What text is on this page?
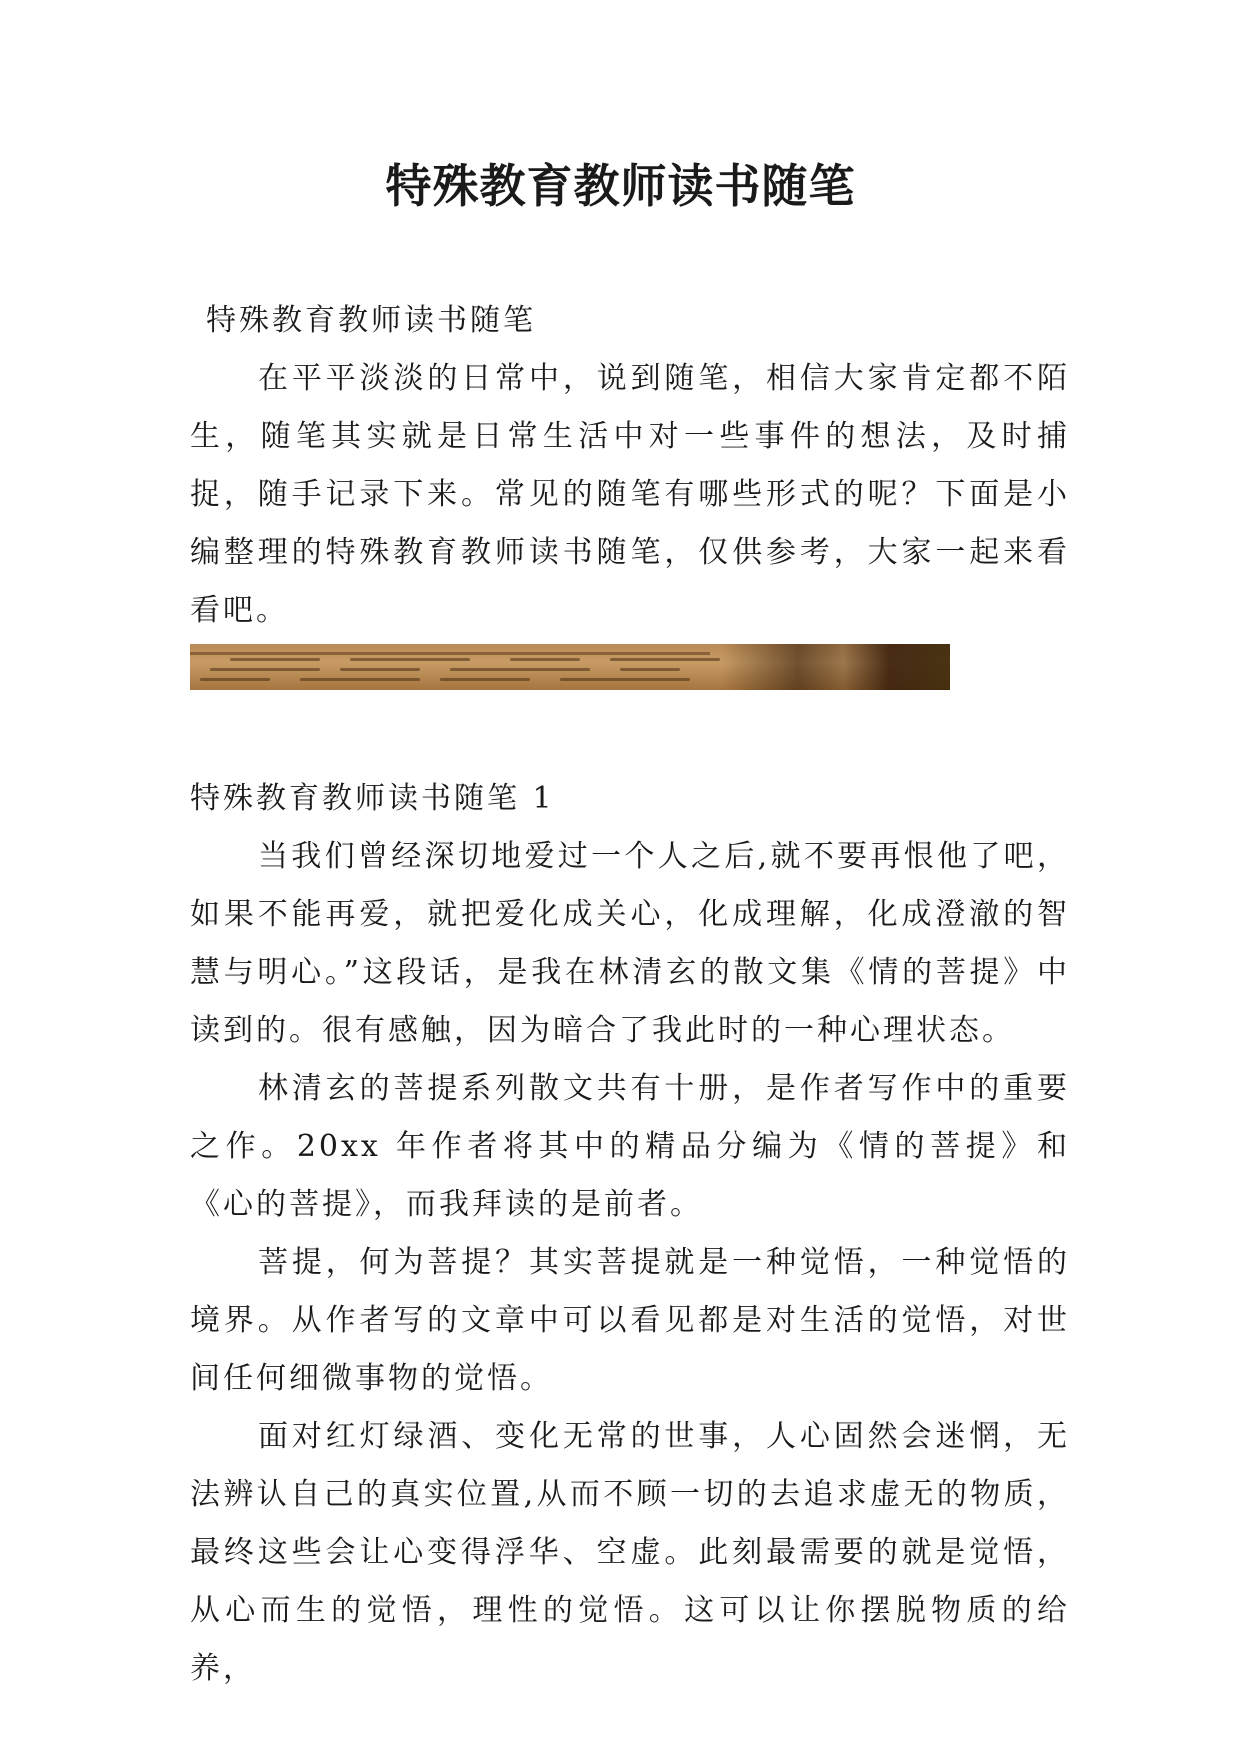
特殊教育教师读书随笔

特殊教育教师读书随笔

在平平淡淡的日常中，说到随笔，相信大家肯定都不陌生，随笔其实就是日常生活中对一些事件的想法，及时捕捉，随手记录下来。常见的随笔有哪些形式的呢？下面是小编整理的特殊教育教师读书随笔，仅供参考，大家一起来看看吧。

特殊教育教师读书随笔 1

当我们曾经深切地爱过一个人之后,就不要再恨他了吧，如果不能再爱，就把爱化成关心，化成理解，化成澄澈的智慧与明心。”这段话，是我在林清玄的散文集《情的菩提》中读到的。很有感触，因为暗合了我此时的一种心理状态。

林清玄的菩提系列散文共有十册，是作者写作中的重要之作。20xx 年作者将其中的精品分编为《情的菩提》和《心的菩提》，而我拜读的是前者。

菩提，何为菩提？其实菩提就是一种觉悟，一种觉悟的境界。从作者写的文章中可以看见都是对生活的觉悟，对世间任何细微事物的觉悟。

面对红灯绿酒、变化无常的世事，人心固然会迷惘，无法辨认自己的真实位置,从而不顾一切的去追求虚无的物质，最终这些会让心变得浮华、空虚。此刻最需要的就是觉悟，从心而生的觉悟，理性的觉悟。这可以让你摆脱物质的给养，
